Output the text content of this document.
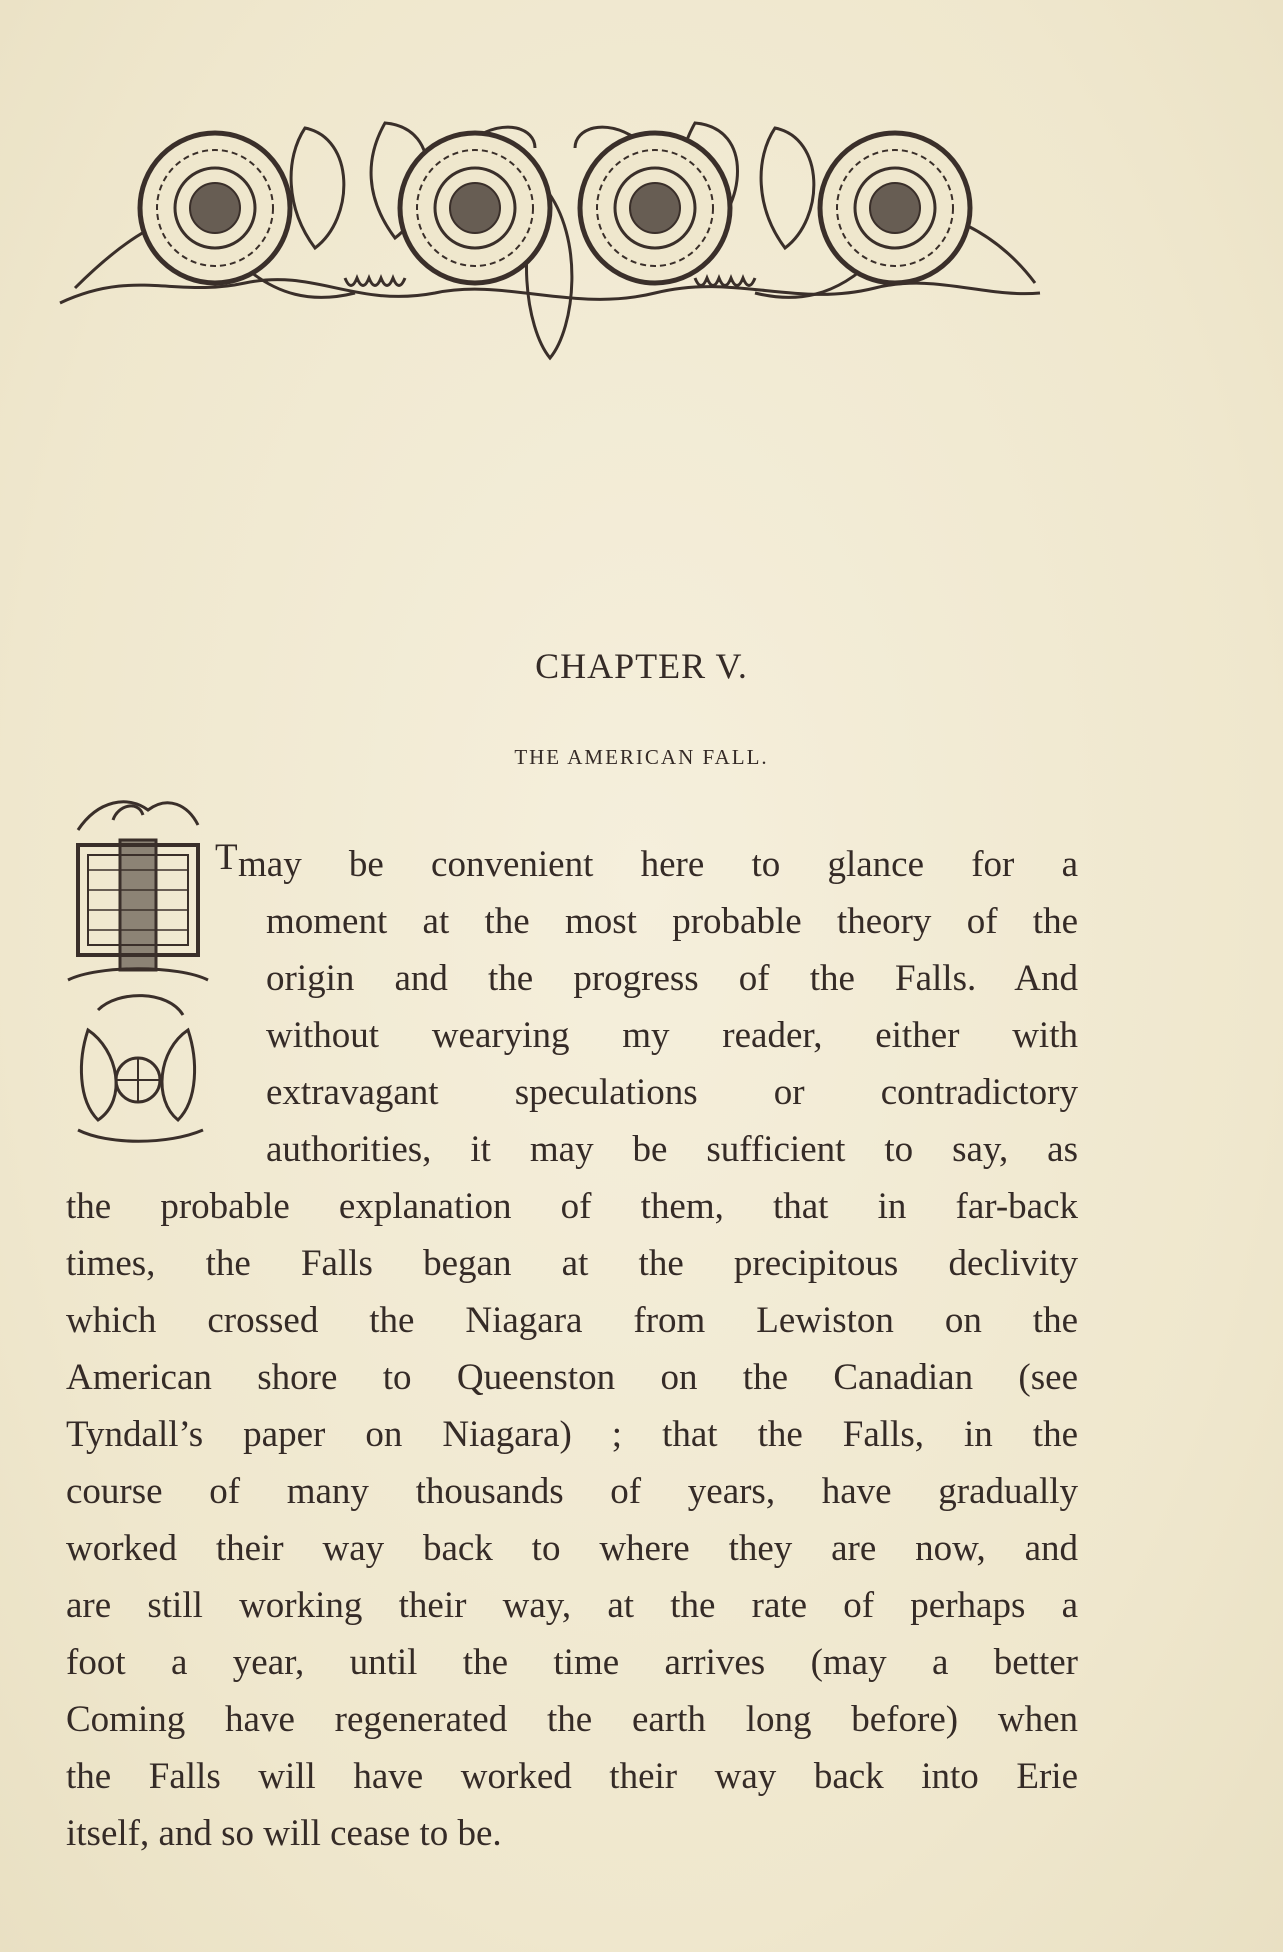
CHAPTER V.
THE AMERICAN FALL.
T may be convenient here to glance for a
moment at the most probable theory of the
origin and the progress of the Falls. And
without wearying my reader, either with
extravagant speculations or contradictory
authorities, it may be sufficient to say, as
the probable explanation of them, that in far-back
times, the Falls began at the precipitous declivity
which crossed the Niagara from Lewiston on the
American shore to Queenston on the Canadian (see
Tyndall’s paper on Niagara) ; that the Falls, in the
course of many thousands of years, have gradually
worked their way back to where they are now, and
are still working their way, at the rate of perhaps a
foot a year, until the time arrives (may a better
Coming have regenerated the earth long before) when
the Falls will have worked their way back into Erie
itself, and so will cease to be.
